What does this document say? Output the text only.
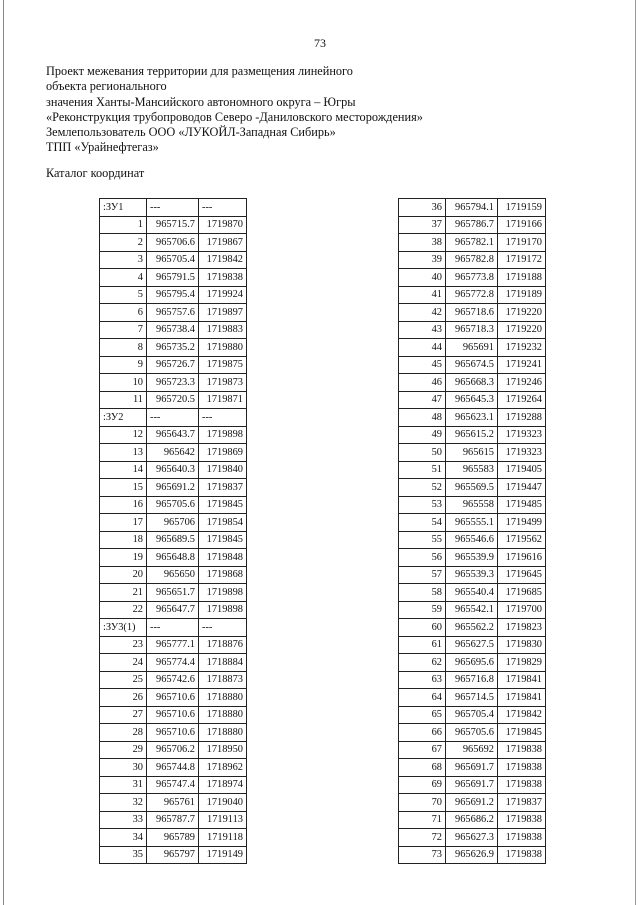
73
Проект межевания территории для размещения линейного
объекта регионального
значения Ханты-Мансийского автономного округа – Югры
«Реконструкция трубопроводов Северо -Даниловского месторождения»
Землепользователь ООО «ЛУКОЙЛ-Западная Сибирь»
ТПП «Урайнефтегаз»
Каталог координат
:ЗУ1	---	---
1	965715.7	1719870
2	965706.6	1719867
3	965705.4	1719842
4	965791.5	1719838
5	965795.4	1719924
6	965757.6	1719897
7	965738.4	1719883
8	965735.2	1719880
9	965726.7	1719875
10	965723.3	1719873
11	965720.5	1719871
:ЗУ2	---	---
12	965643.7	1719898
13	965642	1719869
14	965640.3	1719840
15	965691.2	1719837
16	965705.6	1719845
17	965706	1719854
18	965689.5	1719845
19	965648.8	1719848
20	965650	1719868
21	965651.7	1719898
22	965647.7	1719898
:ЗУ3(1)	---	---
23	965777.1	1718876
24	965774.4	1718884
25	965742.6	1718873
26	965710.6	1718880
27	965710.6	1718880
28	965710.6	1718880
29	965706.2	1718950
30	965744.8	1718962
31	965747.4	1718974
32	965761	1719040
33	965787.7	1719113
34	965789	1719118
35	965797	1719149
36	965794.1	1719159
37	965786.7	1719166
38	965782.1	1719170
39	965782.8	1719172
40	965773.8	1719188
41	965772.8	1719189
42	965718.6	1719220
43	965718.3	1719220
44	965691	1719232
45	965674.5	1719241
46	965668.3	1719246
47	965645.3	1719264
48	965623.1	1719288
49	965615.2	1719323
50	965615	1719323
51	965583	1719405
52	965569.5	1719447
53	965558	1719485
54	965555.1	1719499
55	965546.6	1719562
56	965539.9	1719616
57	965539.3	1719645
58	965540.4	1719685
59	965542.1	1719700
60	965562.2	1719823
61	965627.5	1719830
62	965695.6	1719829
63	965716.8	1719841
64	965714.5	1719841
65	965705.4	1719842
66	965705.6	1719845
67	965692	1719838
68	965691.7	1719838
69	965691.7	1719838
70	965691.2	1719837
71	965686.2	1719838
72	965627.3	1719838
73	965626.9	1719838
